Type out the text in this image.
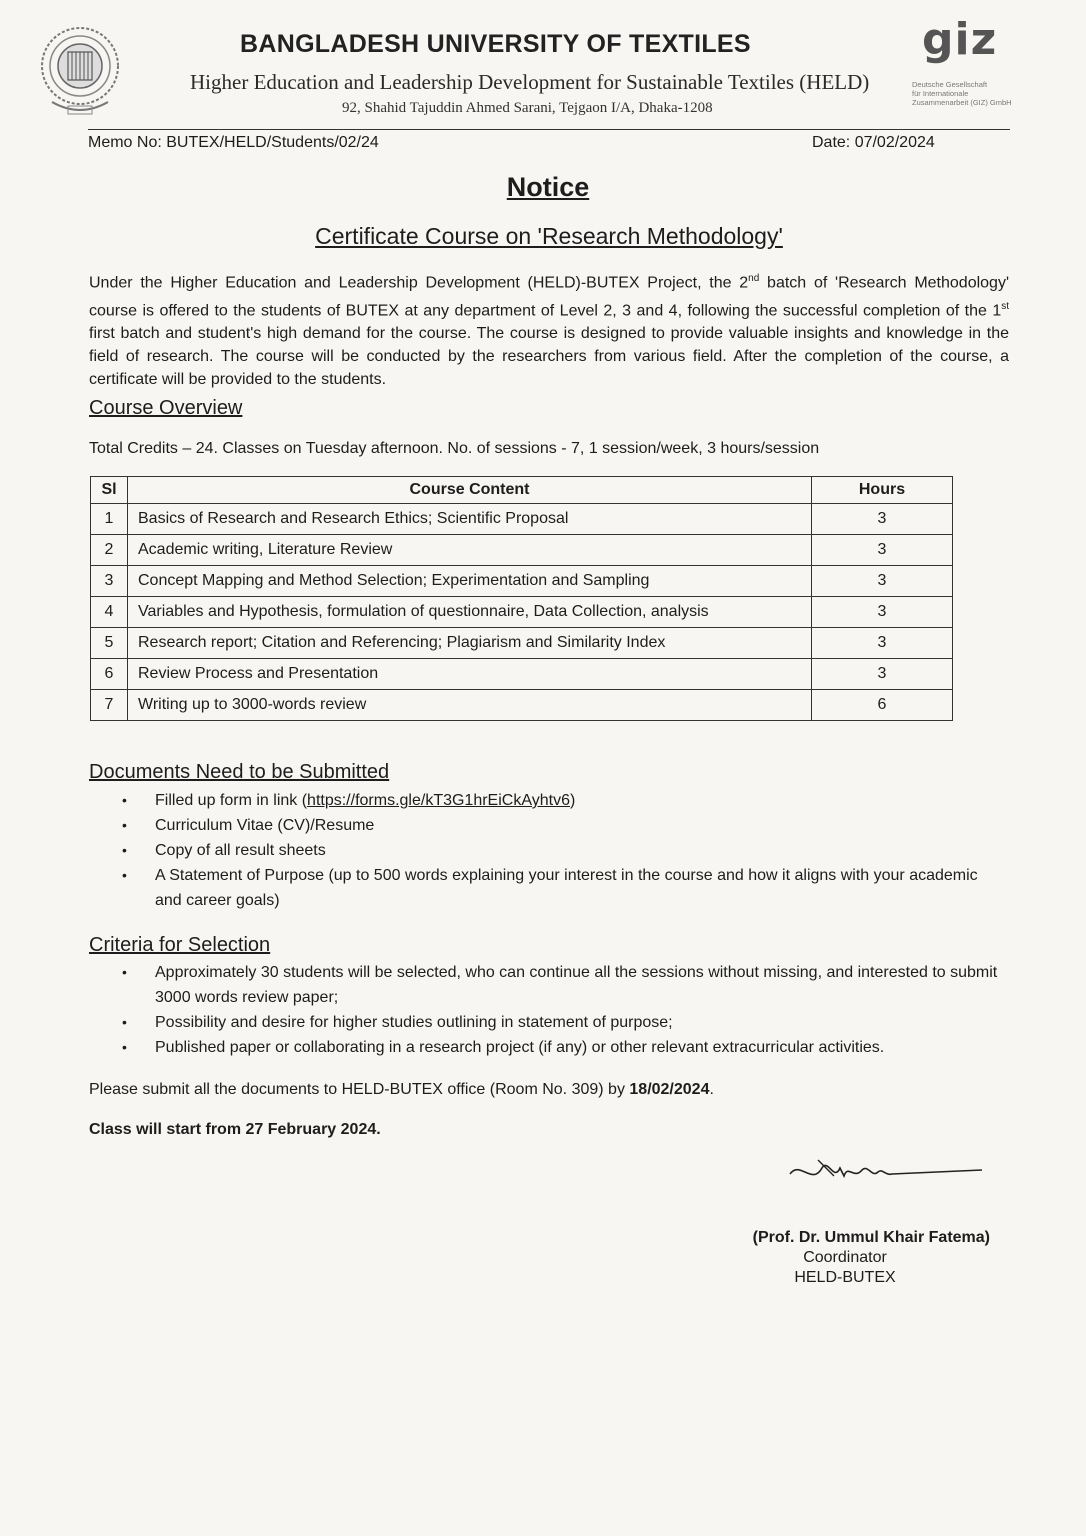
BANGLADESH UNIVERSITY OF TEXTILES
Higher Education and Leadership Development for Sustainable Textiles (HELD)
92, Shahid Tajuddin Ahmed Sarani, Tejgaon I/A, Dhaka-1208
giz
Deutsche Gesellschaft
für Internationale
Zusammenarbeit (GIZ) GmbH
Memo No: BUTEX/HELD/Students/02/24	Date: 07/02/2024
Notice
Certificate Course on 'Research Methodology'
Under the Higher Education and Leadership Development (HELD)-BUTEX Project, the 2nd batch of 'Research Methodology' course is offered to the students of BUTEX at any department of Level 2, 3 and 4, following the successful completion of the 1st first batch and student's high demand for the course. The course is designed to provide valuable insights and knowledge in the field of research. The course will be conducted by the researchers from various field. After the completion of the course, a certificate will be provided to the students.
Course Overview
Total Credits – 24. Classes on Tuesday afternoon. No. of sessions - 7, 1 session/week, 3 hours/session
Sl	Course Content	Hours
1	Basics of Research and Research Ethics; Scientific Proposal	3
2	Academic writing, Literature Review	3
3	Concept Mapping and Method Selection; Experimentation and Sampling	3
4	Variables and Hypothesis, formulation of questionnaire, Data Collection, analysis	3
5	Research report; Citation and Referencing; Plagiarism and Similarity Index	3
6	Review Process and Presentation	3
7	Writing up to 3000-words review	6
Documents Need to be Submitted
• Filled up form in link (https://forms.gle/kT3G1hrEiCkAyhtv6)
• Curriculum Vitae (CV)/Resume
• Copy of all result sheets
• A Statement of Purpose (up to 500 words explaining your interest in the course and how it aligns with your academic and career goals)
Criteria for Selection
• Approximately 30 students will be selected, who can continue all the sessions without missing, and interested to submit 3000 words review paper;
• Possibility and desire for higher studies outlining in statement of purpose;
• Published paper or collaborating in a research project (if any) or other relevant extracurricular activities.
Please submit all the documents to HELD-BUTEX office (Room No. 309) by 18/02/2024.
Class will start from 27 February 2024.
(Prof. Dr. Ummul Khair Fatema)
Coordinator
HELD-BUTEX
